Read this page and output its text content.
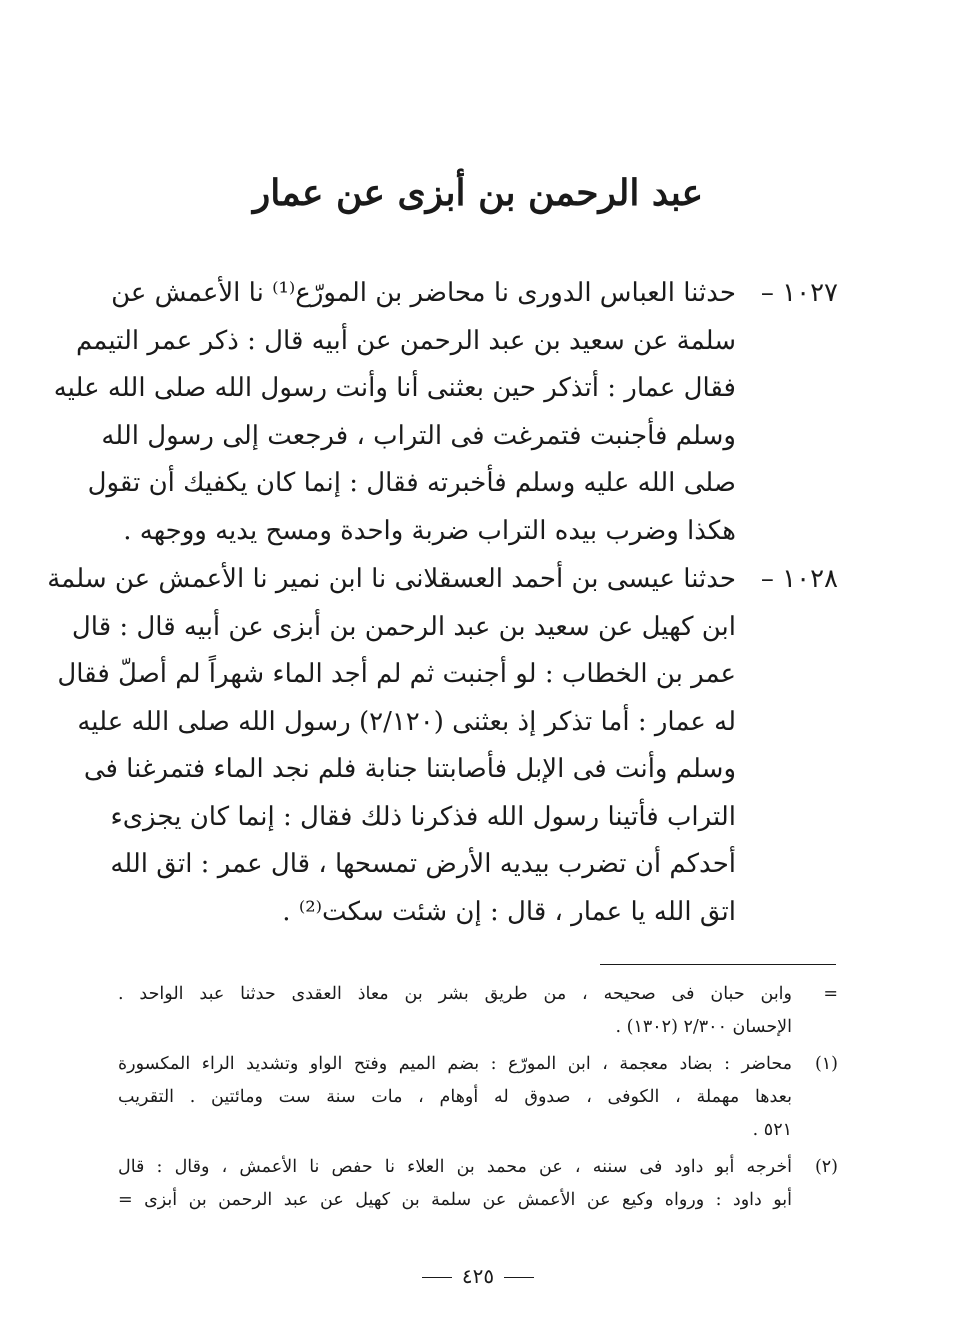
عبد الرحمن بن أبزى عن عمار
١٠٢٧ –
حدثنا العباس الدورى نا محاضر بن المورّع⁽¹⁾ نا الأعمش عن
سلمة عن سعيد بن عبد الرحمن عن أبيه قال : ذكر عمر التيمم
فقال عمار : أتذكر حين بعثنى أنا وأنت رسول الله صلى الله عليه
وسلم فأجنبت فتمرغت فى التراب ، فرجعت إلى رسول الله
صلى الله عليه وسلم فأخبرته فقال : إنما كان يكفيك أن تقول
هكذا وضرب بيده التراب ضربة واحدة ومسح يديه ووجهه .
١٠٢٨ –
حدثنا عيسى بن أحمد العسقلانى نا ابن نمير نا الأعمش عن سلمة
ابن كهيل عن سعيد بن عبد الرحمن بن أبزى عن أبيه قال : قال
عمر بن الخطاب : لو أجنبت ثم لم أجد الماء شهراً لم أصلّ فقال
له عمار : أما تذكر إذ بعثنى (٢/١٢٠) رسول الله صلى الله عليه
وسلم وأنت فى الإبل فأصابتنا جنابة فلم نجد الماء فتمرغنا فى
التراب فأتينا رسول الله فذكرنا ذلك فقال : إنما كان يجزىء
أحدكم أن تضرب بيديه الأرض تمسحها ، قال عمر : اتق الله
اتق الله يا عمار ، قال : إن شئت سكت⁽²⁾ .
=
وابن حبان فى صحيحه ، من طريق بشر بن معاذ العقدى حدثنا عبد الواحد .
الإحسان ٢/٣٠٠ (١٣٠٢) .
(١)
محاضر : بضاد معجمة ، ابن المورّع : بضم الميم وفتح الواو وتشديد الراء المكسورة
بعدها مهملة ، الكوفى ، صدوق له أوهام ، مات سنة ست ومائتين . التقريب
٥٢١ .
(٢)
أخرجه أبو داود فى سننه ، عن محمد بن العلاء نا حفص نا الأعمش ، وقال : قال
أبو داود : ورواه وكيع عن الأعمش عن سلمة بن كهيل عن عبد الرحمن بن أبزى =
٤٢٥
